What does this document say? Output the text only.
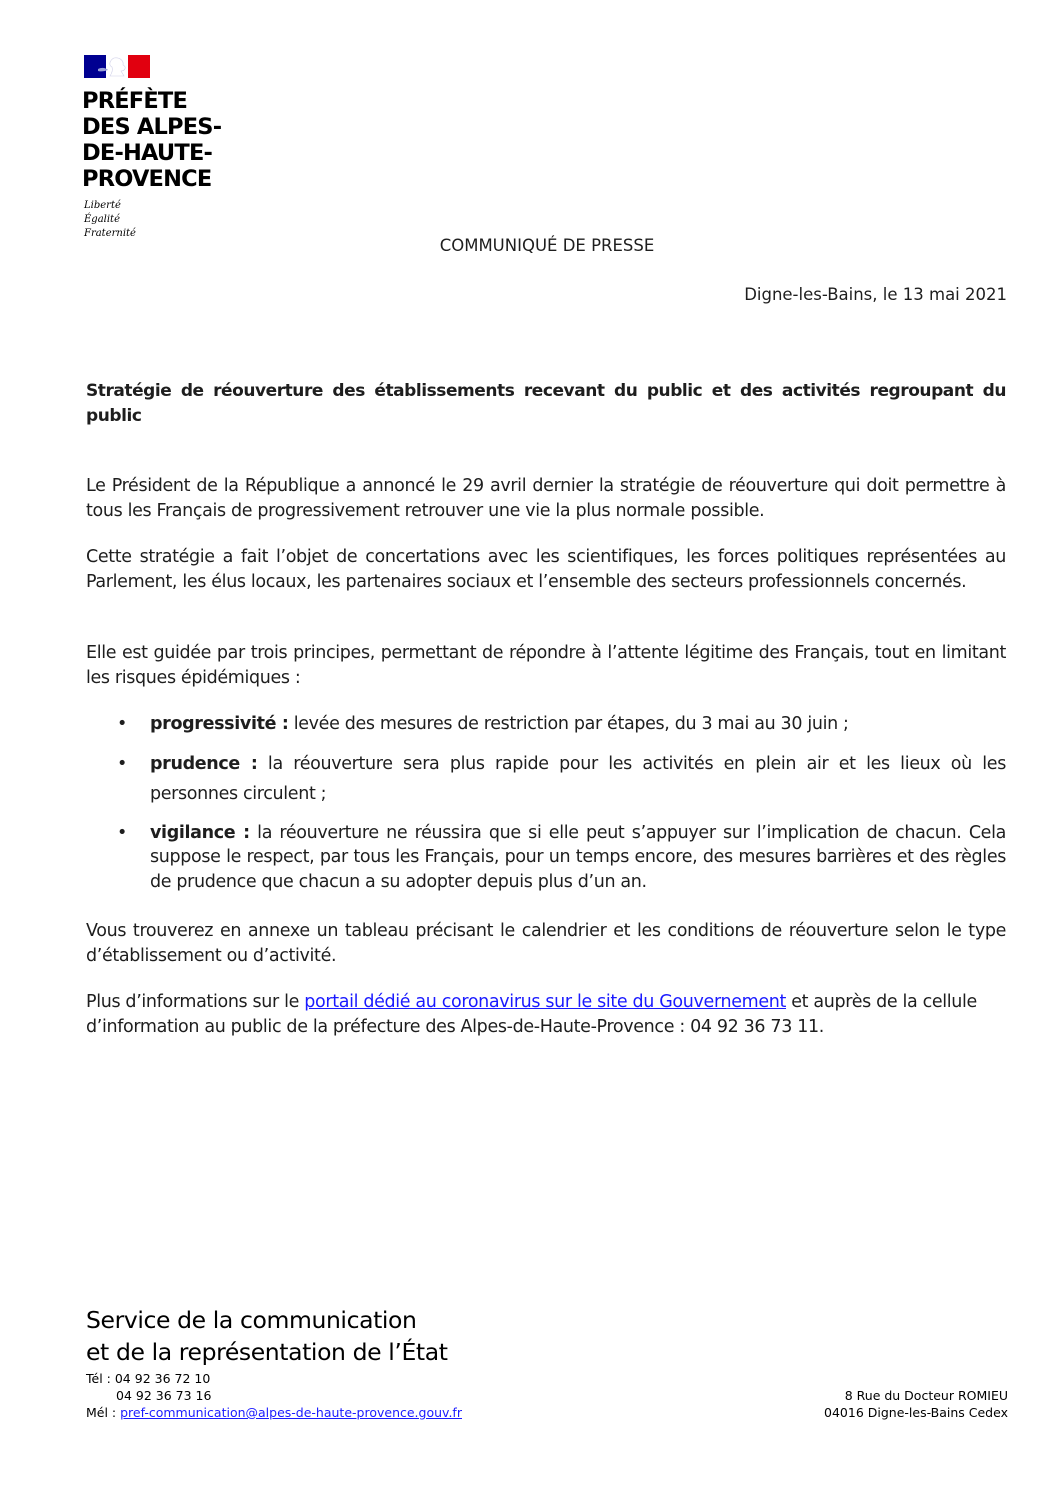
PRÉFÈTE
DES ALPES-
DE-HAUTE-
PROVENCE
Liberté
Égalité
Fraternité
COMMUNIQUÉ DE PRESSE
Digne-les-Bains, le 13 mai 2021
Stratégie de réouverture des établissements recevant du public et des activités regroupant du public
Le Président de la République a annoncé le 29 avril dernier la stratégie de réouverture qui doit permettre à tous les Français de progressivement retrouver une vie la plus normale possible.
Cette stratégie a fait l’objet de concertations avec les scientifiques, les forces politiques représentées au Parlement, les élus locaux, les partenaires sociaux et l’ensemble des secteurs professionnels concernés.
Elle est guidée par trois principes, permettant de répondre à l’attente légitime des Français, tout en limitant les risques épidémiques :
• progressivité : levée des mesures de restriction par étapes, du 3 mai au 30 juin ;
• prudence : la réouverture sera plus rapide pour les activités en plein air et les lieux où les personnes circulent ;
• vigilance : la réouverture ne réussira que si elle peut s’appuyer sur l’implication de chacun. Cela suppose le respect, par tous les Français, pour un temps encore, des mesures barrières et des règles de prudence que chacun a su adopter depuis plus d’un an.
Vous trouverez en annexe un tableau précisant le calendrier et les conditions de réouverture selon le type d’établissement ou d’activité.
Plus d’informations sur le portail dédié au coronavirus sur le site du Gouvernement et auprès de la cellule d’information au public de la préfecture des Alpes-de-Haute-Provence : 04 92 36 73 11.
Service de la communication
et de la représentation de l’État
Tél : 04 92 36 72 10
04 92 36 73 16
Mél : pref-communication@alpes-de-haute-provence.gouv.fr
8 Rue du Docteur ROMIEU
04016 Digne-les-Bains Cedex
